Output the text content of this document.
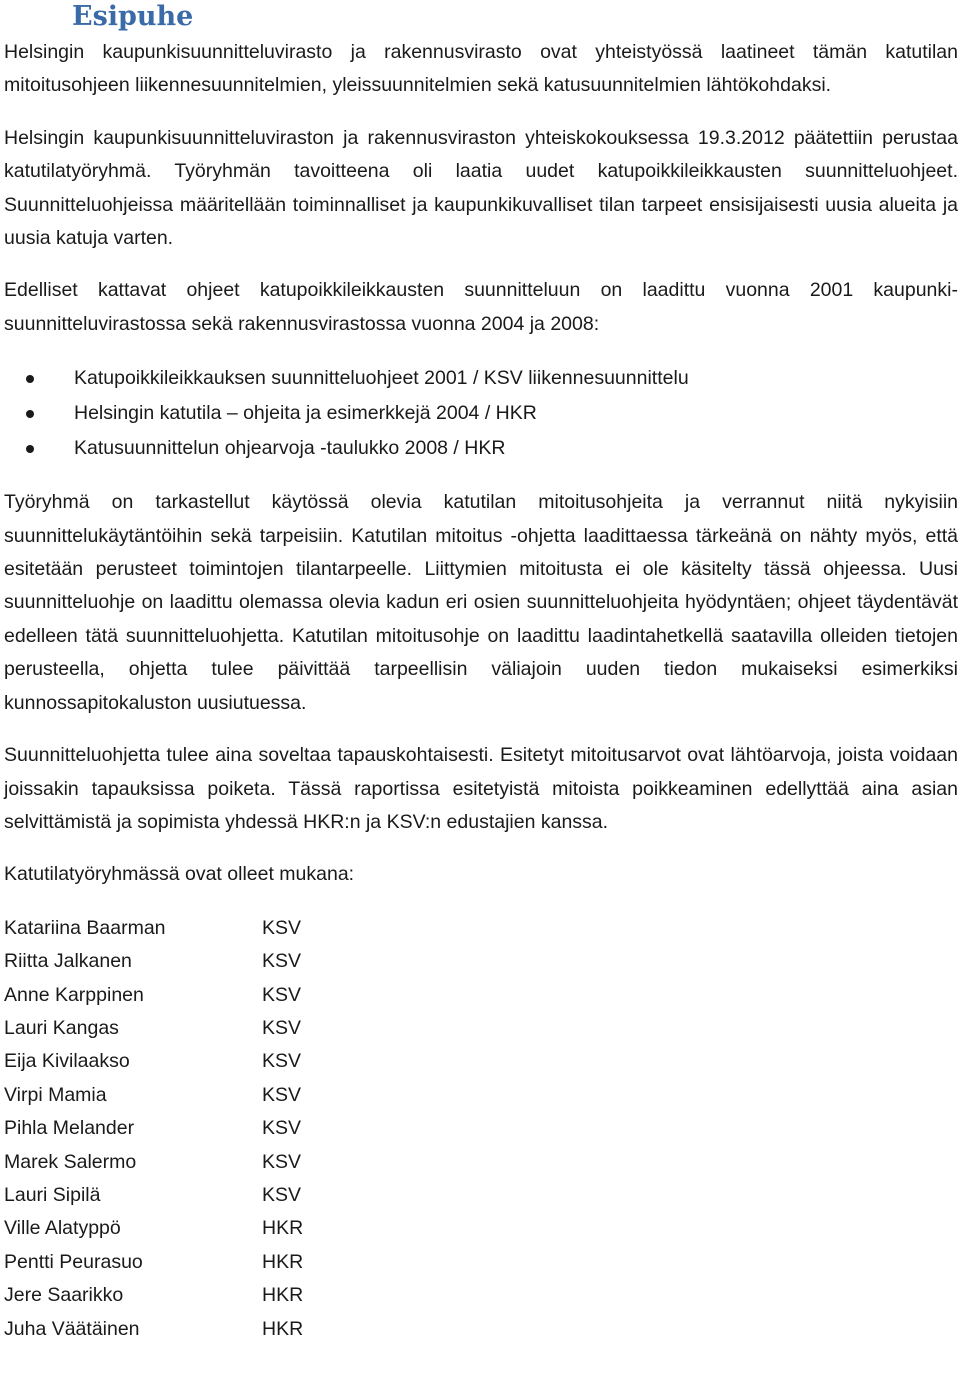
Esipuhe

Helsingin kaupunkisuunnitteluvirasto ja rakennusvirasto ovat yhteistyössä laatineet tämän katutilan mitoitusohjeen liikennesuunnitelmien, yleissuunnitelmien sekä katusuunnitelmien lähtökohdaksi.

Helsingin kaupunkisuunnitteluviraston ja rakennusviraston yhteiskokouksessa 19.3.2012 päätettiin perustaa katutilatyöryhmä. Työryhmän tavoitteena oli laatia uudet katupoikkileikkausten suunnitteluohjeet. Suunnitteluohjeissa määritellään toiminnalliset ja kaupunkikuvalliset tilan tarpeet ensisijaisesti uusia alueita ja uusia katuja varten.

Edelliset kattavat ohjeet katupoikkileikkausten suunnitteluun on laadittu vuonna 2001 kaupunkisuunnitteluvirastossa sekä rakennusvirastossa vuonna 2004 ja 2008:

Katupoikkileikkauksen suunnitteluohjeet 2001 / KSV liikennesuunnittelu
Helsingin katutila – ohjeita ja esimerkkejä 2004 / HKR
Katusuunnittelun ohjearvoja -taulukko 2008 / HKR

Työryhmä on tarkastellut käytössä olevia katutilan mitoitusohjeita ja verrannut niitä nykyisiin suunnittelukäytäntöihin sekä tarpeisiin. Katutilan mitoitus -ohjetta laadittaessa tärkeänä on nähty myös, että esitetään perusteet toimintojen tilantarpeelle. Liittymien mitoitusta ei ole käsitelty tässä ohjeessa. Uusi suunnitteluohje on laadittu olemassa olevia kadun eri osien suunnitteluohjeita hyödyntäen; ohjeet täydentävät edelleen tätä suunnitteluohjetta. Katutilan mitoitusohje on laadittu laadintahetkellä saatavilla olleiden tietojen perusteella, ohjetta tulee päivittää tarpeellisin väliajoin uuden tiedon mukaiseksi esimerkiksi kunnossapitokaluston uusiutuessa.

Suunnitteluohjetta tulee aina soveltaa tapauskohtaisesti. Esitetyt mitoitusarvot ovat lähtöarvoja, joista voidaan joissakin tapauksissa poiketa. Tässä raportissa esitetyistä mitoista poikkeaminen edellyttää aina asian selvittämistä ja sopimista yhdessä HKR:n ja KSV:n edustajien kanssa.

Katutilatyöryhmässä ovat olleet mukana:

Katariina Baarman	KSV
Riitta Jalkanen	KSV
Anne Karppinen	KSV
Lauri Kangas	KSV
Eija Kivilaakso	KSV
Virpi Mamia	KSV
Pihla Melander	KSV
Marek Salermo	KSV
Lauri Sipilä	KSV
Ville Alatyppö	HKR
Pentti Peurasuo	HKR
Jere Saarikko	HKR
Juha Väätäinen	HKR
